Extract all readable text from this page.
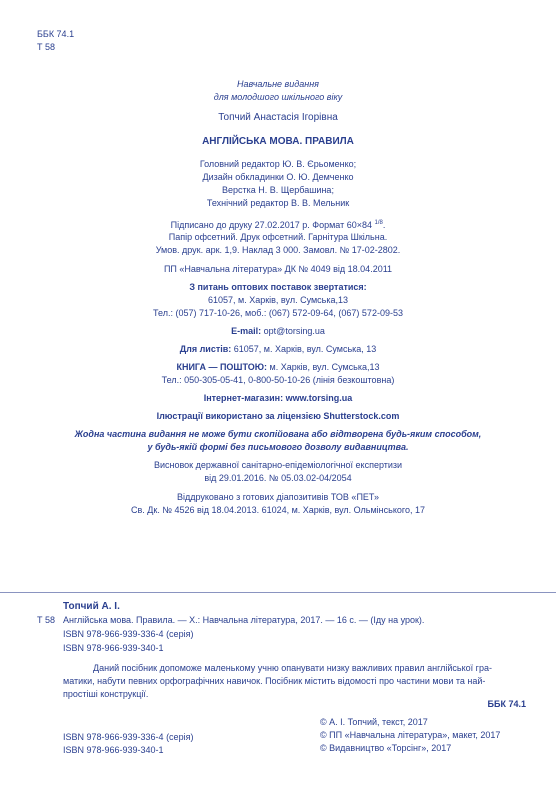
ББК 74.1
Т 58
Навчальне видання
для молодшого шкільного віку
Топчий Анастасія Ігорівна
АНГЛІЙСЬКА МОВА. ПРАВИЛА
Головний редактор Ю. В. Єрьоменко;
Дизайн обкладинки О. Ю. Демченко
Верстка Н. В. Щербашина;
Технічний редактор В. В. Мельник
Підписано до друку 27.02.2017 р. Формат 60×84 $^{1/8}$.
Папір офсетний. Друк офсетний. Гарнітура Шкільна.
Умов. друк. арк. 1,9. Наклад 3 000. Замовл. № 17-02-2802.
ПП «Навчальна література» ДК № 4049 від 18.04.2011
З питань оптових поставок звертатися:
61057, м. Харків, вул. Сумська,13
Тел.: (057) 717-10-26, моб.: (067) 572-09-64, (067) 572-09-53
E-mail: opt@torsing.ua
Для листів: 61057, м. Харків, вул. Сумська, 13
КНИГА — ПОШТОЮ: м. Харків, вул. Сумська,13
Тел.: 050-305-05-41, 0-800-50-10-26 (лінія безкоштовна)
Інтернет-магазин: www.torsing.ua
Ілюстрації використано за ліцензією Shutterstock.com
Жодна частина видання не може бути скопійована або відтворена будь-яким способом,
у будь-якій формі без письмового дозволу видавництва.
Висновок державної санітарно-епідеміологічної експертизи
від 29.01.2016. № 05.03.02-04/2054
Віддруковано з готових діапозитивів ТОВ «ПЕТ»
Св. Дк. № 4526 від 18.04.2013. 61024, м. Харків, вул. Ольмінського, 17
Топчий А. І.
Т 58 Англійська мова. Правила. — Х.: Навчальна література, 2017. — 16 с. — (Іду на урок).
ISBN 978-966-939-336-4 (серія)
ISBN 978-966-939-340-1
Даний посібник допоможе маленькому учню опанувати низку важливих правил англійської гра-
матики, набути певних орфографічних навичок. Посібник містить відомості про частини мови та най-
простіші конструкції.
ББК 74.1
ISBN 978-966-939-336-4 (серія)
ISBN 978-966-939-340-1
© А. І. Топчий, текст, 2017
© ПП «Навчальна література», макет, 2017
© Видавництво «Торсінг», 2017
